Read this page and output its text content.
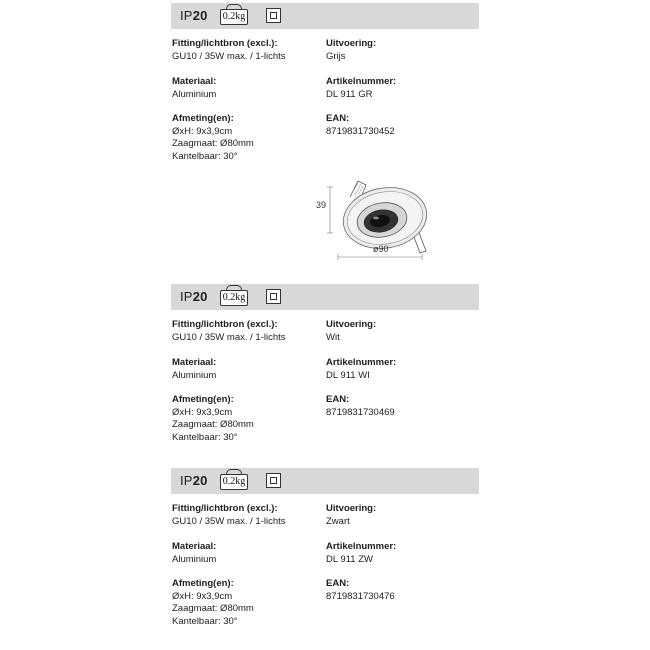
IP20 0.2kg
Fitting/lichtbron (excl.):
GU10 / 35W max. / 1-lichts
Materiaal:
Aluminium
Afmeting(en):
ØxH: 9x3,9cm
Zaagmaat: Ø80mm
Kantelbaar: 30°
Uitvoering:
Grijs
Artikelnummer:
DL 911 GR
EAN:
8719831730452
39
ø90
IP20 0.2kg
Fitting/lichtbron (excl.):
GU10 / 35W max. / 1-lichts
Materiaal:
Aluminium
Afmeting(en):
ØxH: 9x3,9cm
Zaagmaat: Ø80mm
Kantelbaar: 30°
Uitvoering:
Wit
Artikelnummer:
DL 911 WI
EAN:
8719831730469
IP20 0.2kg
Fitting/lichtbron (excl.):
GU10 / 35W max. / 1-lichts
Materiaal:
Aluminium
Afmeting(en):
ØxH: 9x3,9cm
Zaagmaat: Ø80mm
Kantelbaar: 30°
Uitvoering:
Zwart
Artikelnummer:
DL 911 ZW
EAN:
8719831730476
